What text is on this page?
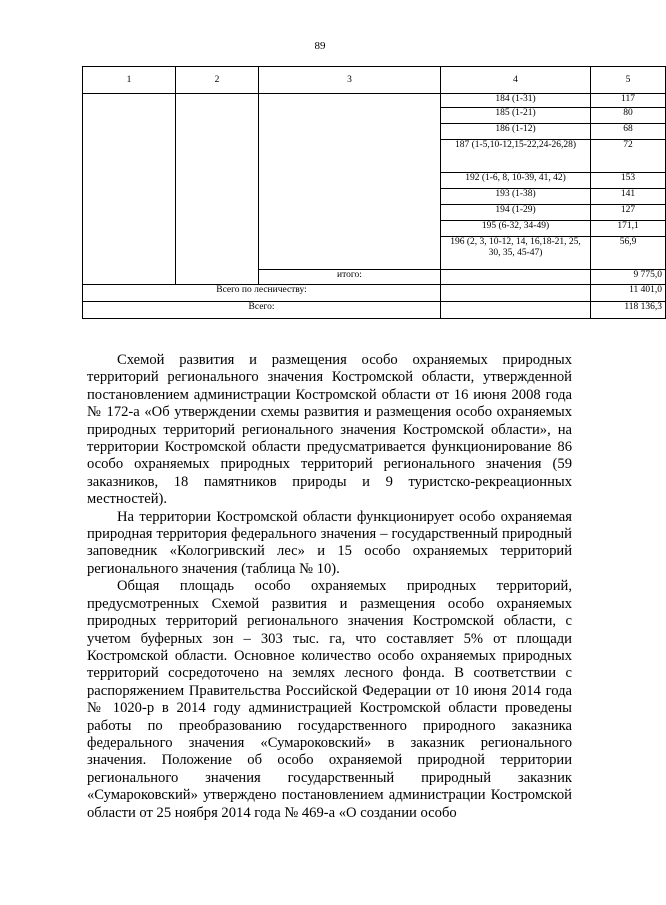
89
1	2	3	4	5
			184 (1-31)	117
			185 (1-21)	80
			186 (1-12)	68
			187 (1-5,10-12,15-22,24-26,28)	72
			192 (1-6, 8, 10-39, 41, 42)	153
			193 (1-38)	141
			194 (1-29)	127
			195 (6-32, 34-49)	171,1
			196 (2, 3, 10-12, 14, 16,18-21, 25, 30, 35, 45-47)	56,9
		итого:		9 775,0
Всего по лесничеству:				11 401,0
Всего:				118 136,3

Схемой развития и размещения особо охраняемых природных территорий регионального значения Костромской области, утвержденной постановлением администрации Костромской области от 16 июня 2008 года № 172-а «Об утверждении схемы развития и размещения особо охраняемых природных территорий регионального значения Костромской области», на территории Костромской области предусматривается функционирование 86 особо охраняемых природных территорий регионального значения (59 заказников, 18 памятников природы и 9 туристско-рекреационных местностей).

На территории Костромской области функционирует особо охраняемая природная территория федерального значения – государственный природный заповедник «Кологривский лес» и 15 особо охраняемых территорий регионального значения (таблица № 10).

Общая площадь особо охраняемых природных территорий, предусмотренных Схемой развития и размещения особо охраняемых природных территорий регионального значения Костромской области, с учетом буферных зон – 303 тыс. га, что составляет 5% от площади Костромской области. Основное количество особо охраняемых природных территорий сосредоточено на землях лесного фонда. В соответствии с распоряжением Правительства Российской Федерации от 10 июня 2014 года № 1020-р в 2014 году администрацией Костромской области проведены работы по преобразованию государственного природного заказника федерального значения «Сумароковский» в заказник регионального значения. Положение об особо охраняемой природной территории регионального значения государственный природный заказник «Сумароковский» утверждено постановлением администрации Костромской области от 25 ноября 2014 года № 469-а «О создании особо
